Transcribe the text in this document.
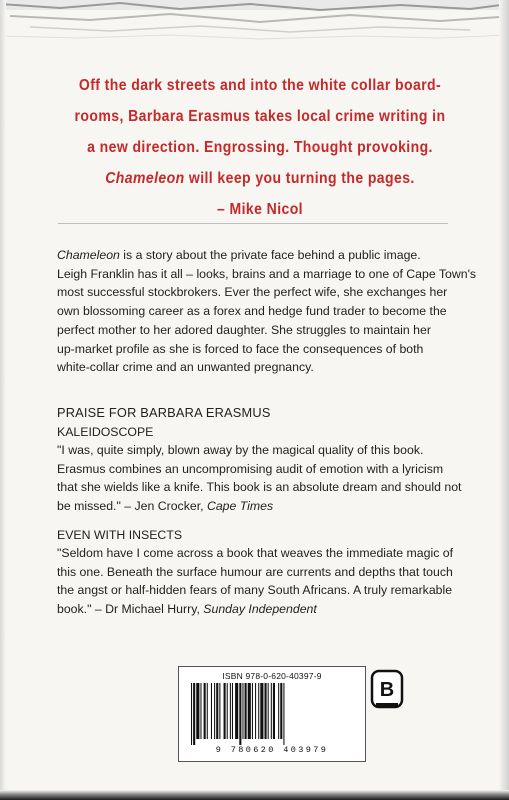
Off the dark streets and into the white collar board-
rooms, Barbara Erasmus takes local crime writing in
a new direction. Engrossing. Thought provoking.
Chameleon will keep you turning the pages.
– Mike Nicol
Chameleon is a story about the private face behind a public image.
Leigh Franklin has it all – looks, brains and a marriage to one of Cape Town's
most successful stockbrokers. Ever the perfect wife, she exchanges her
own blossoming career as a forex and hedge fund trader to become the
perfect mother to her adored daughter. She struggles to maintain her
up-market profile as she is forced to face the consequences of both
white-collar crime and an unwanted pregnancy.
PRAISE FOR BARBARA ERASMUS
KALEIDOSCOPE
"I was, quite simply, blown away by the magical quality of this book.
Erasmus combines an uncompromising audit of emotion with a lyricism
that she wields like a knife. This book is an absolute dream and should not
be missed." – Jen Crocker, Cape Times
EVEN WITH INSECTS
"Seldom have I come across a book that weaves the immediate magic of
this one. Beneath the surface humour are currents and depths that touch
the angst or half-hidden fears of many South Africans. A truly remarkable
book." – Dr Michael Hurry, Sunday Independent
ISBN 978-0-620-40397-9
9 780620 403979
B
